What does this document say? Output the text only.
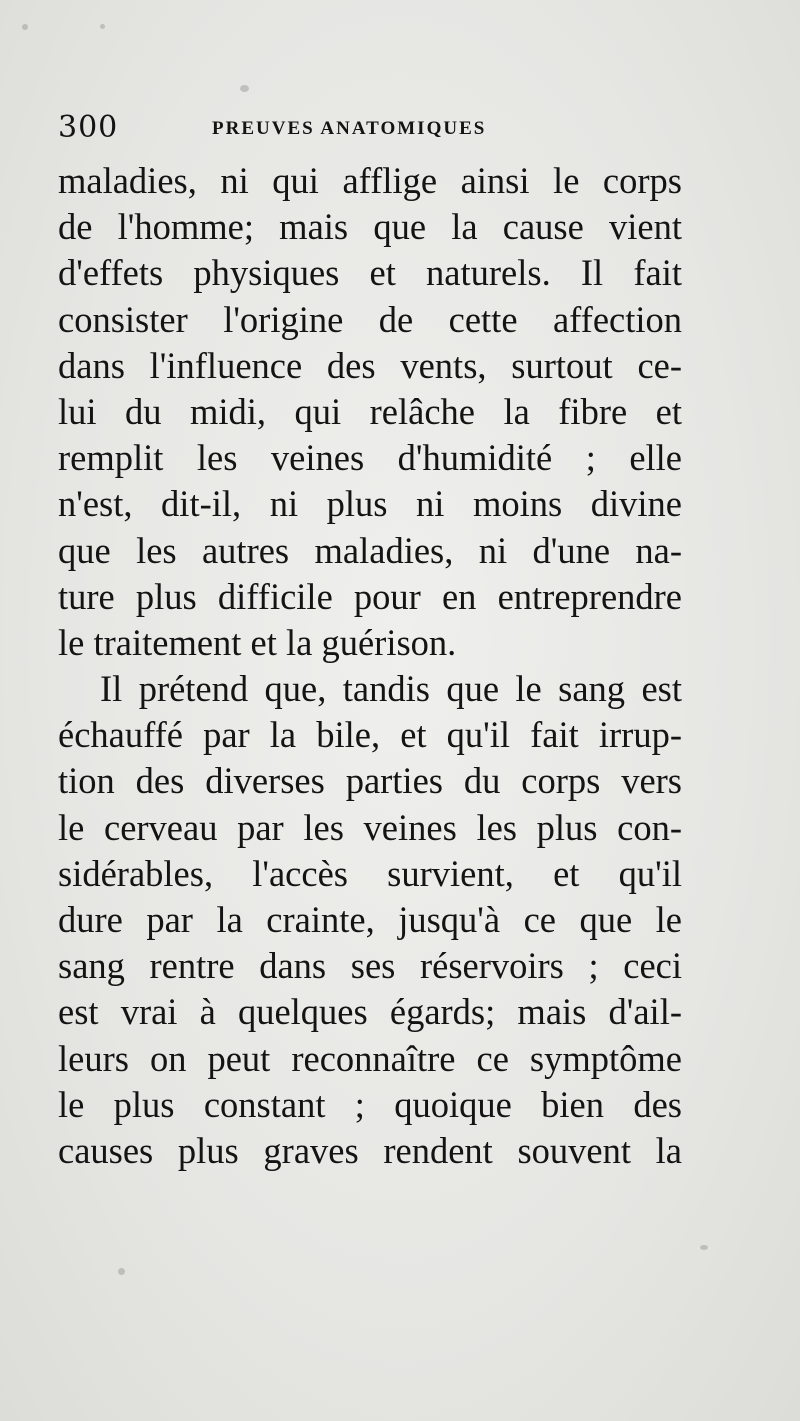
300	PREUVES ANATOMIQUES
maladies, ni qui afflige ainsi le corps
de l'homme; mais que la cause vient
d'effets physiques et naturels. Il fait
consister l'origine de cette affection
dans l'influence des vents, surtout ce-
lui du midi, qui relâche la fibre et
remplit les veines d'humidité ; elle
n'est, dit-il, ni plus ni moins divine
que les autres maladies, ni d'une na-
ture plus difficile pour en entreprendre
le traitement et la guérison.
Il prétend que, tandis que le sang est
échauffé par la bile, et qu'il fait irrup-
tion des diverses parties du corps vers
le cerveau par les veines les plus con-
sidérables, l'accès survient, et qu'il
dure par la crainte, jusqu'à ce que le
sang rentre dans ses réservoirs ; ceci
est vrai à quelques égards; mais d'ail-
leurs on peut reconnaître ce symptôme
le plus constant ; quoique bien des
causes plus graves rendent souvent la
